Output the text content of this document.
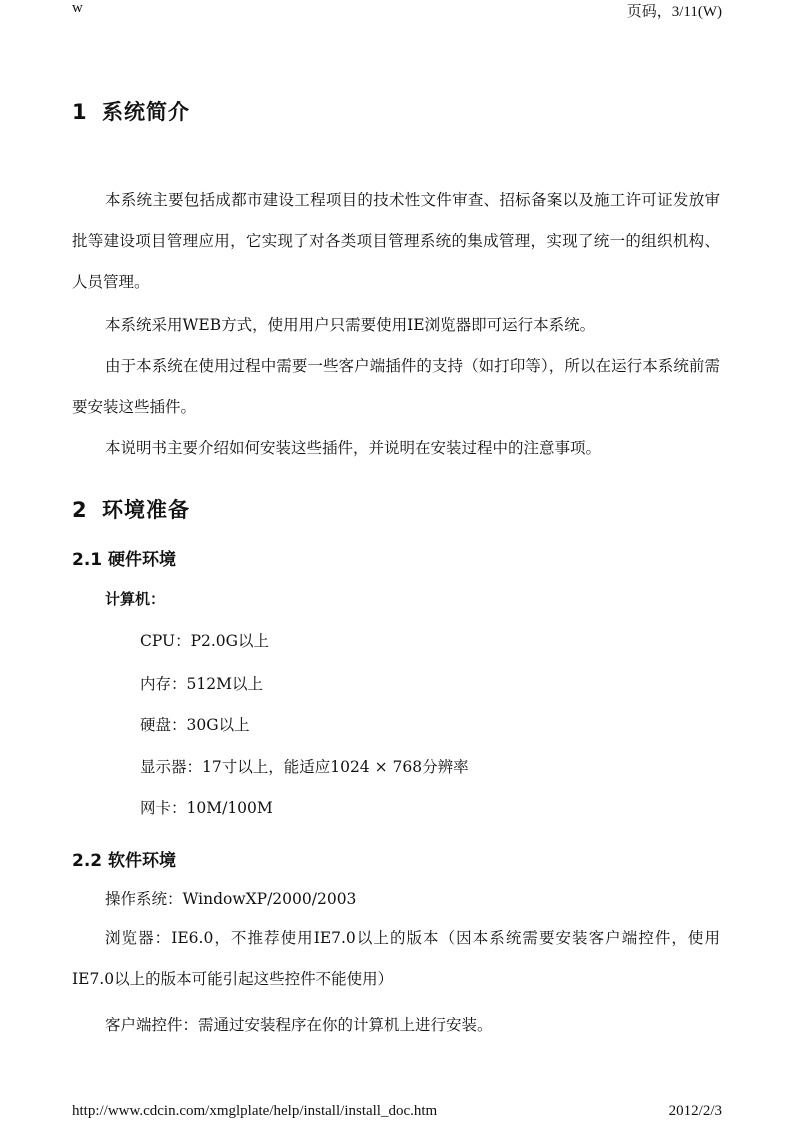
w	页码，3/11(W)
1 系统简介

本系统主要包括成都市建设工程项目的技术性文件审查、招标备案以及施工许可证发放审批等建设项目管理应用，它实现了对各类项目管理系统的集成管理，实现了统一的组织机构、人员管理。

本系统采用WEB方式，使用用户只需要使用IE浏览器即可运行本系统。

由于本系统在使用过程中需要一些客户端插件的支持（如打印等），所以在运行本系统前需要安装这些插件。

本说明书主要介绍如何安装这些插件，并说明在安装过程中的注意事项。

2 环境准备
2.1 硬件环境
计算机：
CPU：P2.0G以上
内存：512M以上
硬盘：30G以上
显示器：17寸以上，能适应1024 × 768分辨率
网卡：10M/100M
2.2 软件环境
操作系统：WindowXP/2000/2003

浏览器：IE6.0，不推荐使用IE7.0以上的版本（因本系统需要安装客户端控件，使用IE7.0以上的版本可能引起这些控件不能使用）

客户端控件：需通过安装程序在你的计算机上进行安装。
http://www.cdcin.com/xmglplate/help/install/install_doc.htm	2012/2/3
